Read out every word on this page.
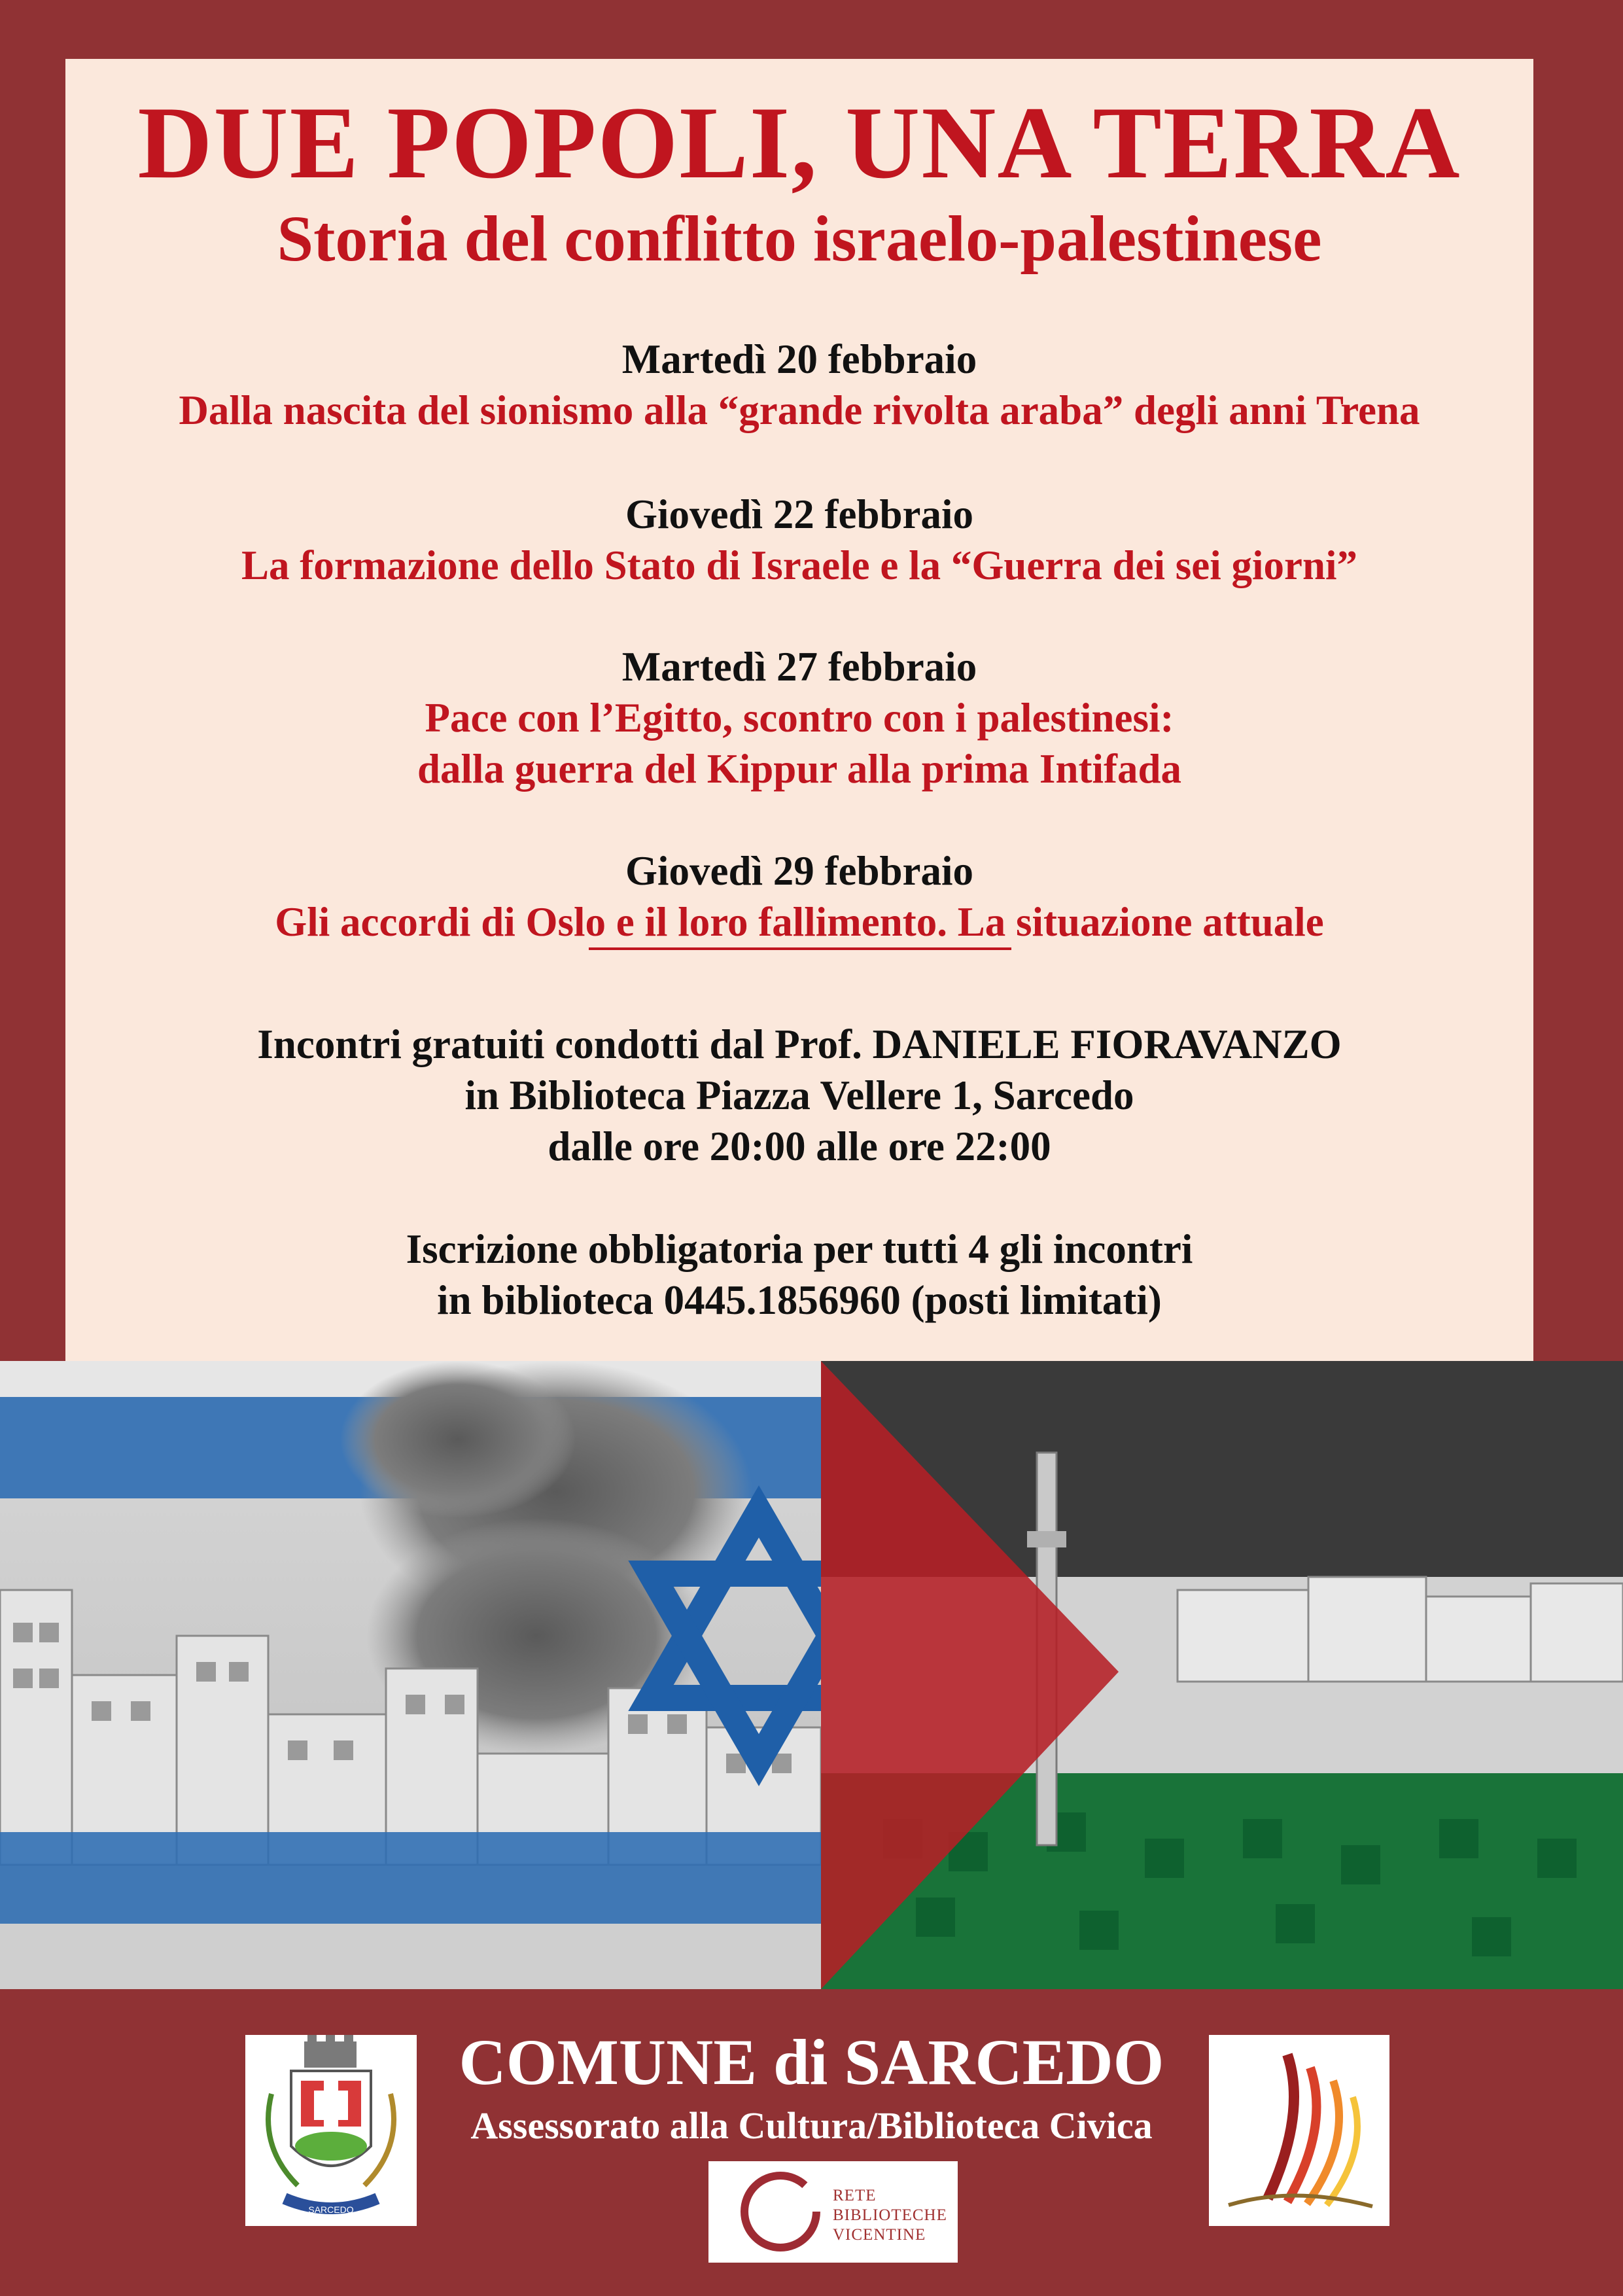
DUE POPOLI, UNA TERRA
Storia del conflitto israelo-palestinese
Martedì 20 febbraio
Dalla nascita del sionismo alla “grande rivolta araba” degli anni Trena
Giovedì 22 febbraio
La formazione dello Stato di Israele e la “Guerra dei sei giorni”
Martedì 27 febbraio
Pace con l’Egitto, scontro con i palestinesi:
dalla guerra del Kippur alla prima Intifada
Giovedì 29 febbraio
Gli accordi di Oslo e il loro fallimento. La situazione attuale
Incontri gratuiti condotti dal Prof. DANIELE FIORAVANZO
in Biblioteca Piazza Vellere 1, Sarcedo
dalle ore 20:00 alle ore 22:00
Iscrizione obbligatoria per tutti 4 gli incontri
in biblioteca 0445.1856960 (posti limitati)
COMUNE di SARCEDO
Assessorato alla Cultura/Biblioteca Civica
SARCEDO
RETE
BIBLIOTECHE
VICENTINE
